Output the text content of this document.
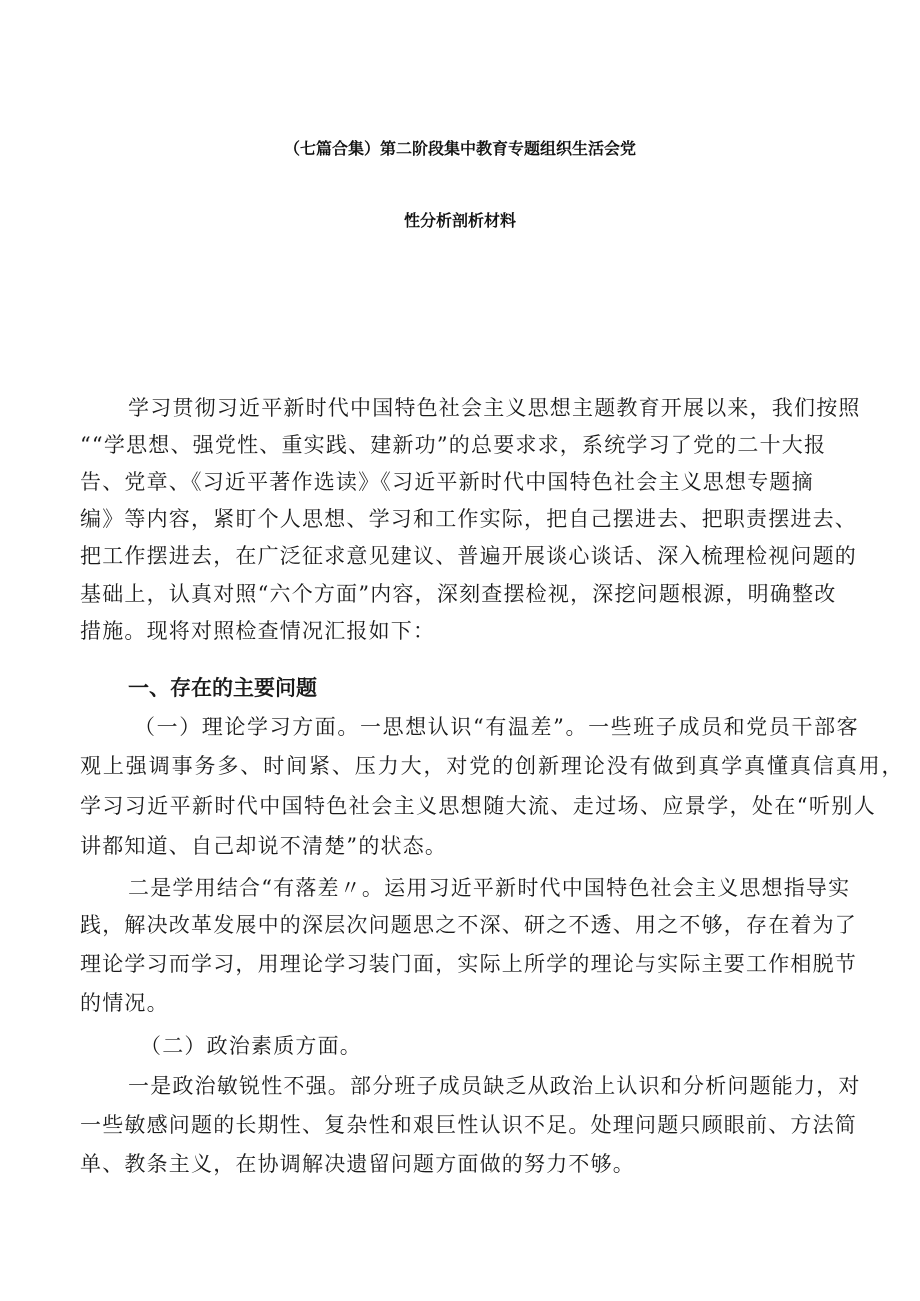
（七篇合集）第二阶段集中教育专题组织生活会党
性分析剖析材料
学习贯彻习近平新时代中国特色社会主义思想主题教育开展以来，我们按照
““学思想、强党性、重实践、建新功”的总要求求，系统学习了党的二十大报
告、党章、《习近平著作选读》《习近平新时代中国特色社会主义思想专题摘
编》等内容，紧盯个人思想、学习和工作实际，把自己摆进去、把职责摆进去、
把工作摆进去，在广泛征求意见建议、普遍开展谈心谈话、深入梳理检视问题的
基础上，认真对照“六个方面”内容，深刻查摆检视，深挖问题根源，明确整改
措施。现将对照检查情况汇报如下：
一、存在的主要问题
（一）理论学习方面。一思想认识“有温差”。一些班子成员和党员干部客
观上强调事务多、时间紧、压力大，对党的创新理论没有做到真学真懂真信真用，
学习习近平新时代中国特色社会主义思想随大流、走过场、应景学，处在“听别人
讲都知道、自己却说不清楚”的状态。
二是学用结合“有落差〃。运用习近平新时代中国特色社会主义思想指导实
践，解决改革发展中的深层次问题思之不深、研之不透、用之不够，存在着为了
理论学习而学习，用理论学习装门面，实际上所学的理论与实际主要工作相脱节
的情况。
（二）政治素质方面。
一是政治敏锐性不强。部分班子成员缺乏从政治上认识和分析问题能力，对
一些敏感问题的长期性、复杂性和艰巨性认识不足。处理问题只顾眼前、方法简
单、教条主义，在协调解决遗留问题方面做的努力不够。
